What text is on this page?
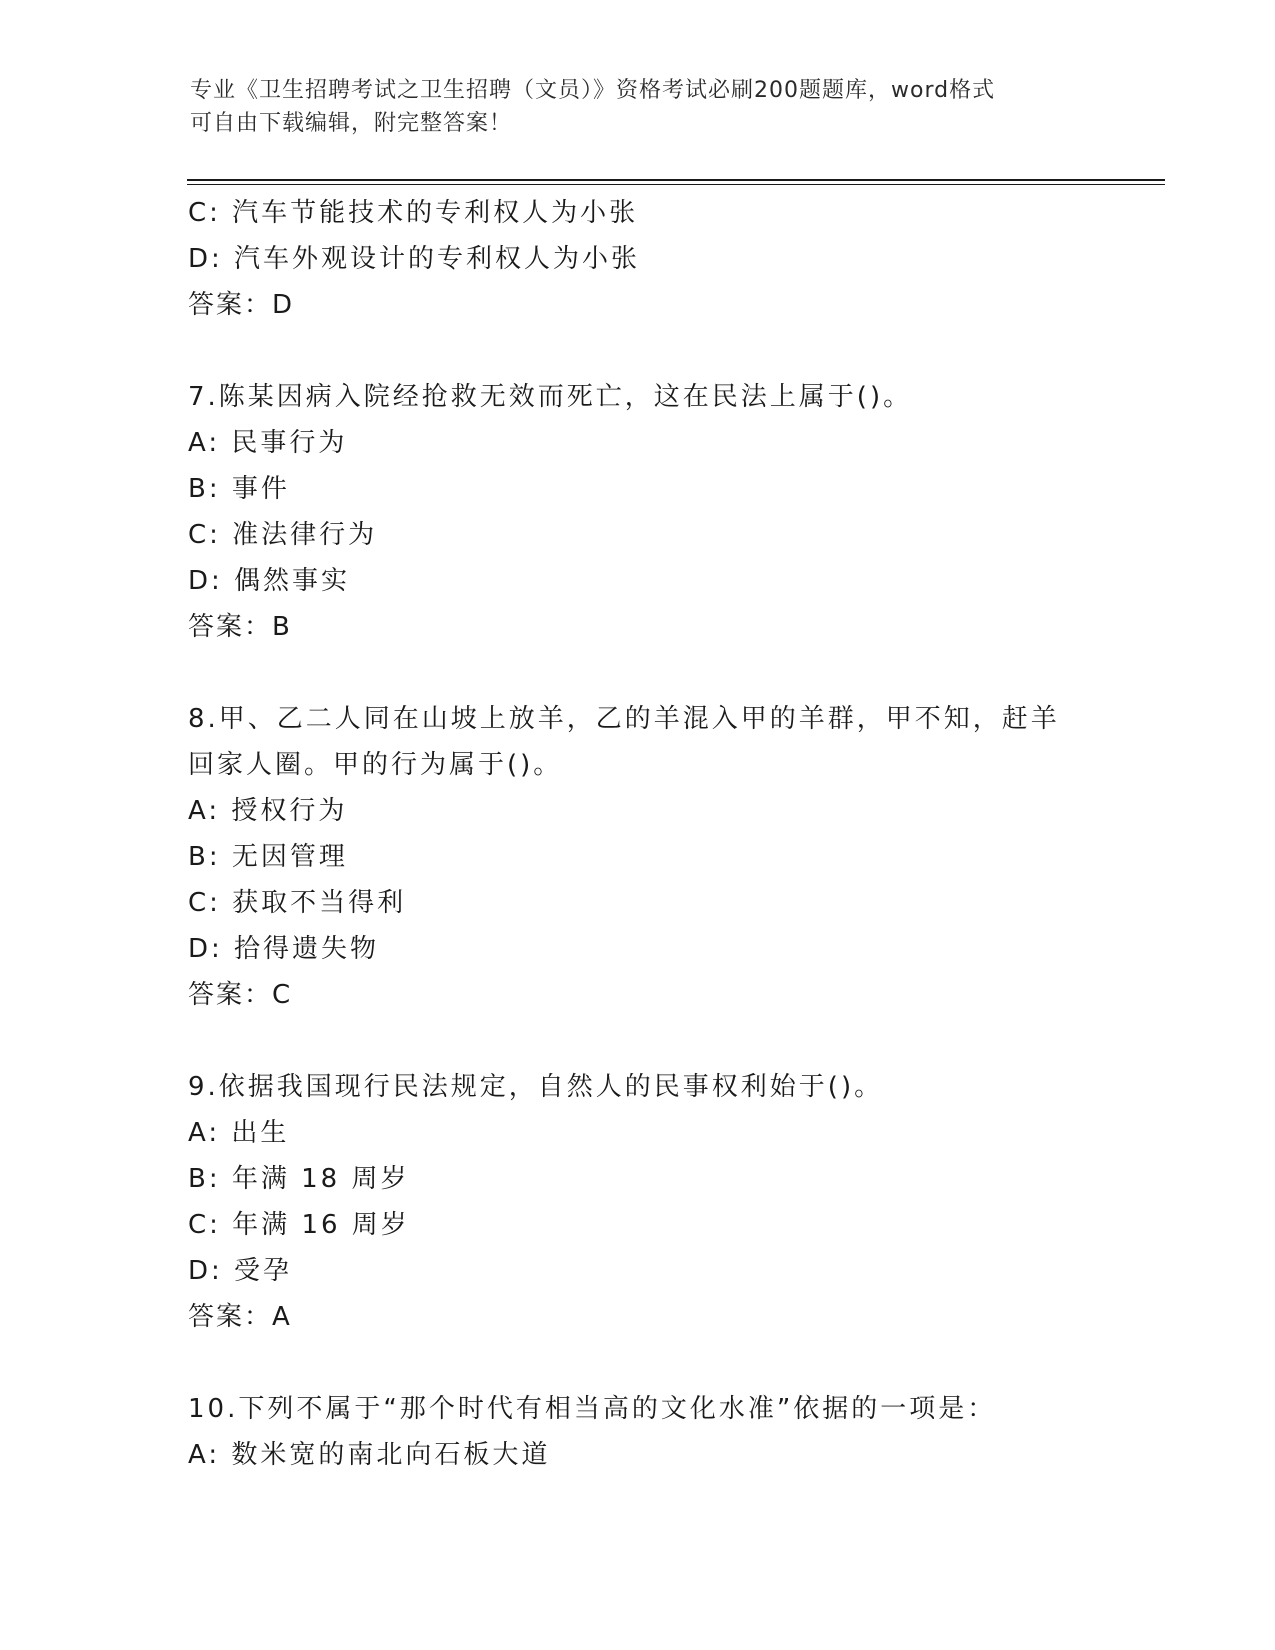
专业《卫生招聘考试之卫生招聘（文员）》资格考试必刷200题题库，word格式
可自由下载编辑，附完整答案！
C: 汽车节能技术的专利权人为小张
D: 汽车外观设计的专利权人为小张
答案：D
7.陈某因病入院经抢救无效而死亡，这在民法上属于()。
A: 民事行为
B: 事件
C: 准法律行为
D: 偶然事实
答案：B
8.甲、乙二人同在山坡上放羊，乙的羊混入甲的羊群，甲不知，赶羊
回家人圈。甲的行为属于()。
A: 授权行为
B: 无因管理
C: 获取不当得利
D: 拾得遗失物
答案：C
9.依据我国现行民法规定，自然人的民事权利始于()。
A: 出生
B: 年满 18 周岁
C: 年满 16 周岁
D: 受孕
答案：A
10.下列不属于“那个时代有相当高的文化水准”依据的一项是：
A: 数米宽的南北向石板大道
